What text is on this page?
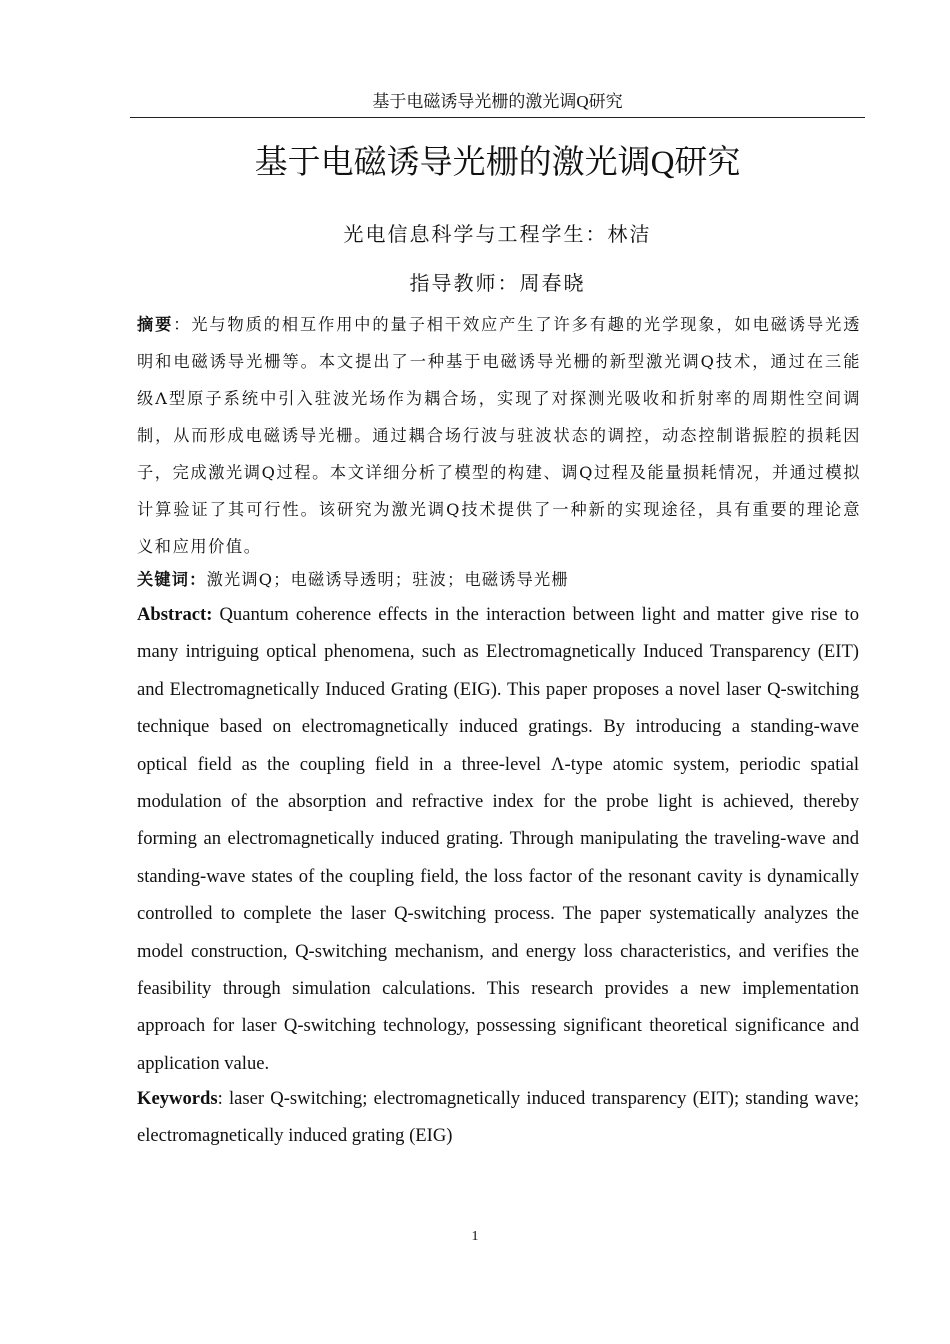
基于电磁诱导光栅的激光调Q研究
基于电磁诱导光栅的激光调Q研究
光电信息科学与工程学生：林洁
指导教师：周春晓
摘要：光与物质的相互作用中的量子相干效应产生了许多有趣的光学现象，如电磁诱导光透明和电磁诱导光栅等。本文提出了一种基于电磁诱导光栅的新型激光调Q技术，通过在三能级Λ型原子系统中引入驻波光场作为耦合场，实现了对探测光吸收和折射率的周期性空间调制，从而形成电磁诱导光栅。通过耦合场行波与驻波状态的调控，动态控制谐振腔的损耗因子，完成激光调Q过程。本文详细分析了模型的构建、调Q过程及能量损耗情况，并通过模拟计算验证了其可行性。该研究为激光调Q技术提供了一种新的实现途径，具有重要的理论意义和应用价值。
关键词：激光调Q；电磁诱导透明；驻波；电磁诱导光栅
Abstract: Quantum coherence effects in the interaction between light and matter give rise to many intriguing optical phenomena, such as Electromagnetically Induced Transparency (EIT) and Electromagnetically Induced Grating (EIG). This paper proposes a novel laser Q-switching technique based on electromagnetically induced gratings. By introducing a standing-wave optical field as the coupling field in a three-level Λ-type atomic system, periodic spatial modulation of the absorption and refractive index for the probe light is achieved, thereby forming an electromagnetically induced grating. Through manipulating the traveling-wave and standing-wave states of the coupling field, the loss factor of the resonant cavity is dynamically controlled to complete the laser Q-switching process. The paper systematically analyzes the model construction, Q-switching mechanism, and energy loss characteristics, and verifies the feasibility through simulation calculations. This research provides a new implementation approach for laser Q-switching technology, possessing significant theoretical significance and application value.
Keywords: laser Q-switching; electromagnetically induced transparency (EIT); standing wave; electromagnetically induced grating (EIG)
1
